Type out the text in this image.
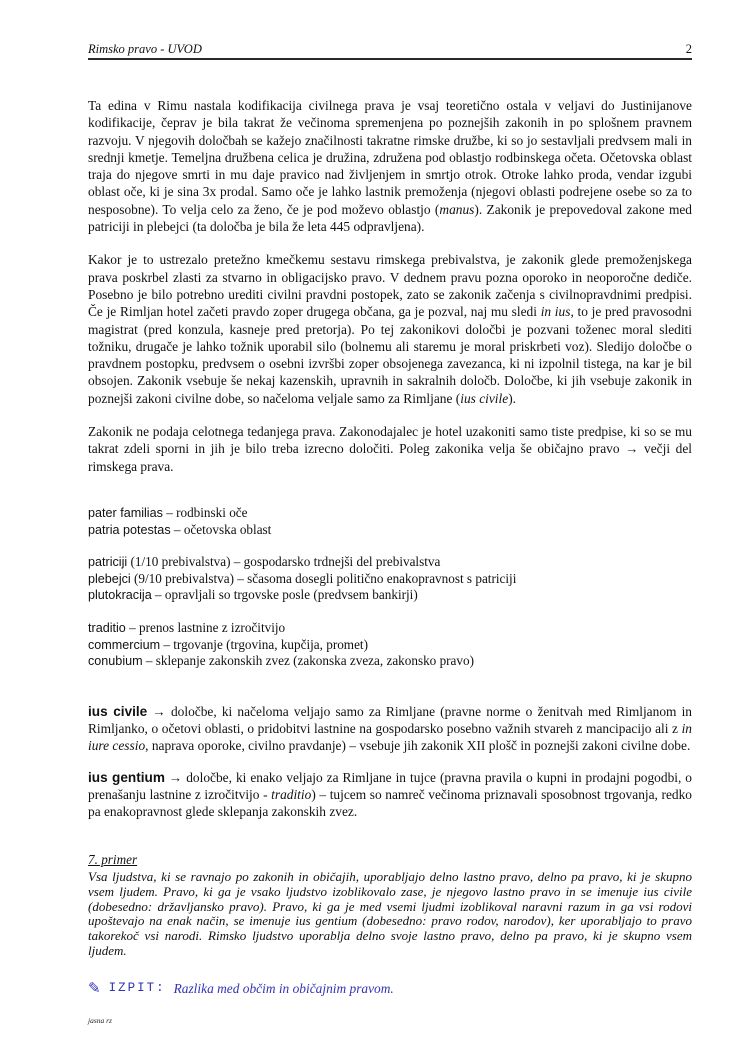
Rimsko pravo - UVOD	2

Ta edina v Rimu nastala kodifikacija civilnega prava je vsaj teoretično ostala v veljavi do Justinijanove kodifikacije, čeprav je bila takrat že večinoma spremenjena po poznejših zakonih in po splošnem pravnem razvoju. V njegovih določbah se kažejo značilnosti takratne rimske družbe, ki so jo sestavljali predvsem mali in srednji kmetje. Temeljna družbena celica je družina, združena pod oblastjo rodbinskega očeta. Očetovska oblast traja do njegove smrti in mu daje pravico nad življenjem in smrtjo otrok. Otroke lahko proda, vendar izgubi oblast oče, ki je sina 3x prodal. Samo oče je lahko lastnik premoženja (njegovi oblasti podrejene osebe so za to nesposobne). To velja celo za ženo, če je pod moževo oblastjo (manus). Zakonik je prepovedoval zakone med patriciji in plebejci (ta določba je bila že leta 445 odpravljena).

Kakor je to ustrezalo pretežno kmečkemu sestavu rimskega prebivalstva, je zakonik glede premoženjskega prava poskrbel zlasti za stvarno in obligacijsko pravo. V dednem pravu pozna oporoko in neoporočne dediče. Posebno je bilo potrebno urediti civilni pravdni postopek, zato se zakonik začenja s civilnopravdnimi predpisi. Če je Rimljan hotel začeti pravdo zoper drugega občana, ga je pozval, naj mu sledi in ius, to je pred pravosodni magistrat (pred konzula, kasneje pred pretorja). Po tej zakonikovi določbi je pozvani toženec moral slediti tožniku, drugače je lahko tožnik uporabil silo (bolnemu ali staremu je moral priskrbeti voz). Sledijo določbe o pravdnem postopku, predvsem o osebni izvršbi zoper obsojenega zavezanca, ki ni izpolnil tistega, na kar je bil obsojen. Zakonik vsebuje še nekaj kazenskih, upravnih in sakralnih določb. Določbe, ki jih vsebuje zakonik in poznejši zakoni civilne dobe, so načeloma veljale samo za Rimljane (ius civile).

Zakonik ne podaja celotnega tedanjega prava. Zakonodajalec je hotel uzakoniti samo tiste predpise, ki so se mu takrat zdeli sporni in jih je bilo treba izrecno določiti. Poleg zakonika velja še običajno pravo → večji del rimskega prava.

pater familias – rodbinski oče
patria potestas – očetovska oblast
patriciji (1/10 prebivalstva) – gospodarsko trdnejši del prebivalstva
plebejci (9/10 prebivalstva) – sčasoma dosegli politično enakopravnost s patriciji
plutokracija – opravljali so trgovske posle (predvsem bankirji)
traditio – prenos lastnine z izročitvijo
commercium – trgovanje (trgovina, kupčija, promet)
conubium – sklepanje zakonskih zvez (zakonska zveza, zakonsko pravo)

ius civile → določbe, ki načeloma veljajo samo za Rimljane (pravne norme o ženitvah med Rimljanom in Rimljanko, o očetovi oblasti, o pridobitvi lastnine na gospodarsko posebno važnih stvareh z mancipacijo ali z in iure cessio, naprava oporoke, civilno pravdanje) – vsebuje jih zakonik XII plošč in poznejši zakoni civilne dobe.

ius gentium → določbe, ki enako veljajo za Rimljane in tujce (pravna pravila o kupni in prodajni pogodbi, o prenašanju lastnine z izročitvijo - traditio) – tujcem so namreč večinoma priznavali sposobnost trgovanja, redko pa enakopravnost glede sklepanja zakonskih zvez.

7. primer

Vsa ljudstva, ki se ravnajo po zakonih in običajih, uporabljajo delno lastno pravo, delno pa pravo, ki je skupno vsem ljudem. Pravo, ki ga je vsako ljudstvo izoblikovalo zase, je njegovo lastno pravo in se imenuje ius civile (dobesedno: državljansko pravo). Pravo, ki ga je med vsemi ljudmi izoblikoval naravni razum in ga vsi rodovi upoštevajo na enak način, se imenuje ius gentium (dobesedno: pravo rodov, narodov), ker uporabljajo to pravo takorekoč vsi narodi. Rimsko ljudstvo uporablja delno svoje lastno pravo, delno pa pravo, ki je skupno vsem ljudem.

✎ IZPIT: Razlika med občim in običajnim pravom.
jasna rz
